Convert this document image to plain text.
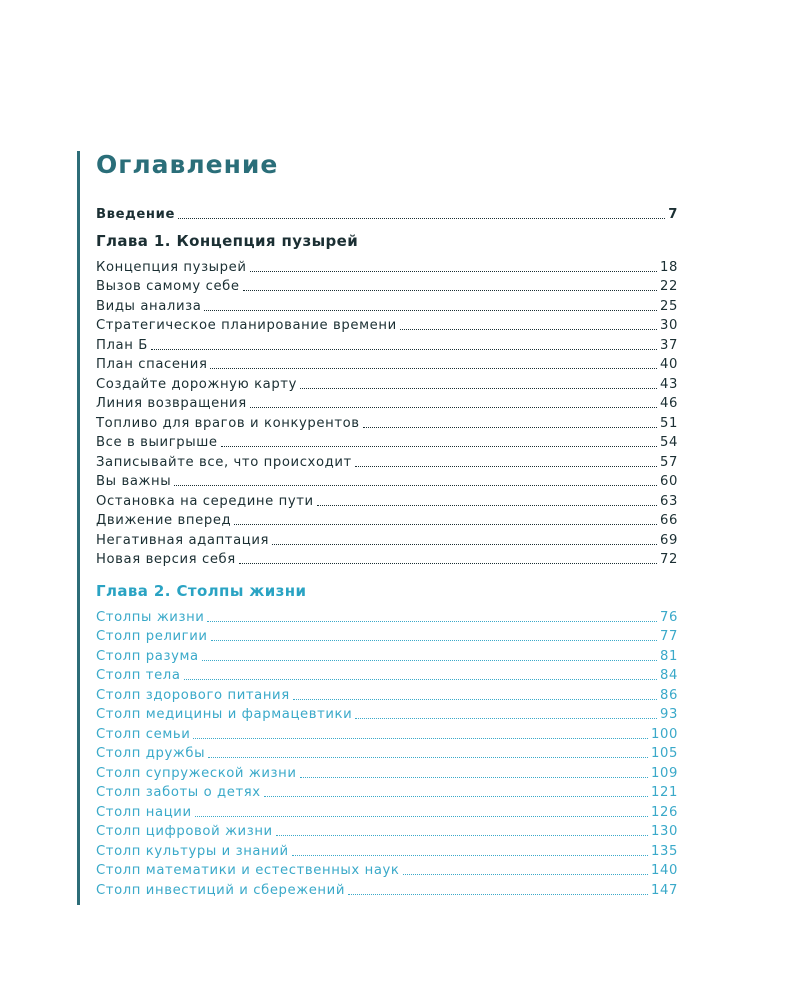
Оглавление
Введение	7
Глава 1. Концепция пузырей
Концепция пузырей	18
Вызов самому себе	22
Виды анализа	25
Стратегическое планирование времени	30
План Б	37
План спасения	40
Создайте дорожную карту	43
Линия возвращения	46
Топливо для врагов и конкурентов	51
Все в выигрыше	54
Записывайте все, что происходит	57
Вы важны	60
Остановка на середине пути	63
Движение вперед	66
Негативная адаптация	69
Новая версия себя	72
Глава 2. Столпы жизни
Столпы жизни	76
Столп религии	77
Столп разума	81
Столп тела	84
Столп здорового питания	86
Столп медицины и фармацевтики	93
Столп семьи	100
Столп дружбы	105
Столп супружеской жизни	109
Столп заботы о детях	121
Столп нации	126
Столп цифровой жизни	130
Столп культуры и знаний	135
Столп математики и естественных наук	140
Столп инвестиций и сбережений	147
